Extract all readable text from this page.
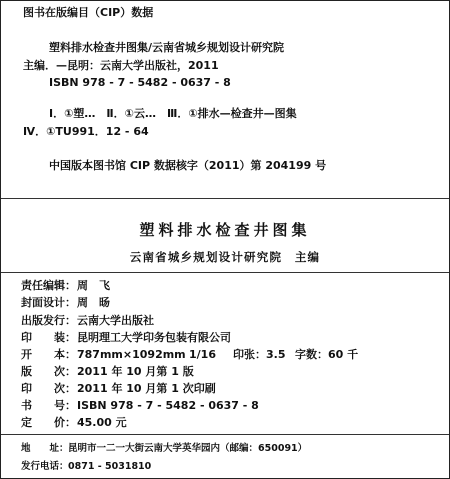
图书在版编目（CIP）数据
塑料排水检查井图集/云南省城乡规划设计研究院
主编．—昆明：云南大学出版社，2011
ISBN 978 - 7 - 5482 - 0637 - 8
Ⅰ．①塑…　Ⅱ．①云…　Ⅲ．①排水—检查井—图集
Ⅳ．①TU991．12 - 64
中国版本图书馆 CIP 数据核字（2011）第 204199 号
塑料排水检查井图集
云南省城乡规划设计研究院　主编
责任编辑： 周　飞
封面设计： 周　旸
出版发行： 云南大学出版社
印　　装： 昆明理工大学印务包装有限公司
开　　本： 787mm×1092mm 1/16 印张：3.5 字数：60 千
版　　次： 2011 年 10 月第 1 版
印　　次： 2011 年 10 月第 1 次印刷
书　　号： ISBN 978 - 7 - 5482 - 0637 - 8
定　　价： 45.00 元
地　　址： 昆明市一二一大街云南大学英华园内（邮编：650091）
发行电话： 0871 - 5031810
